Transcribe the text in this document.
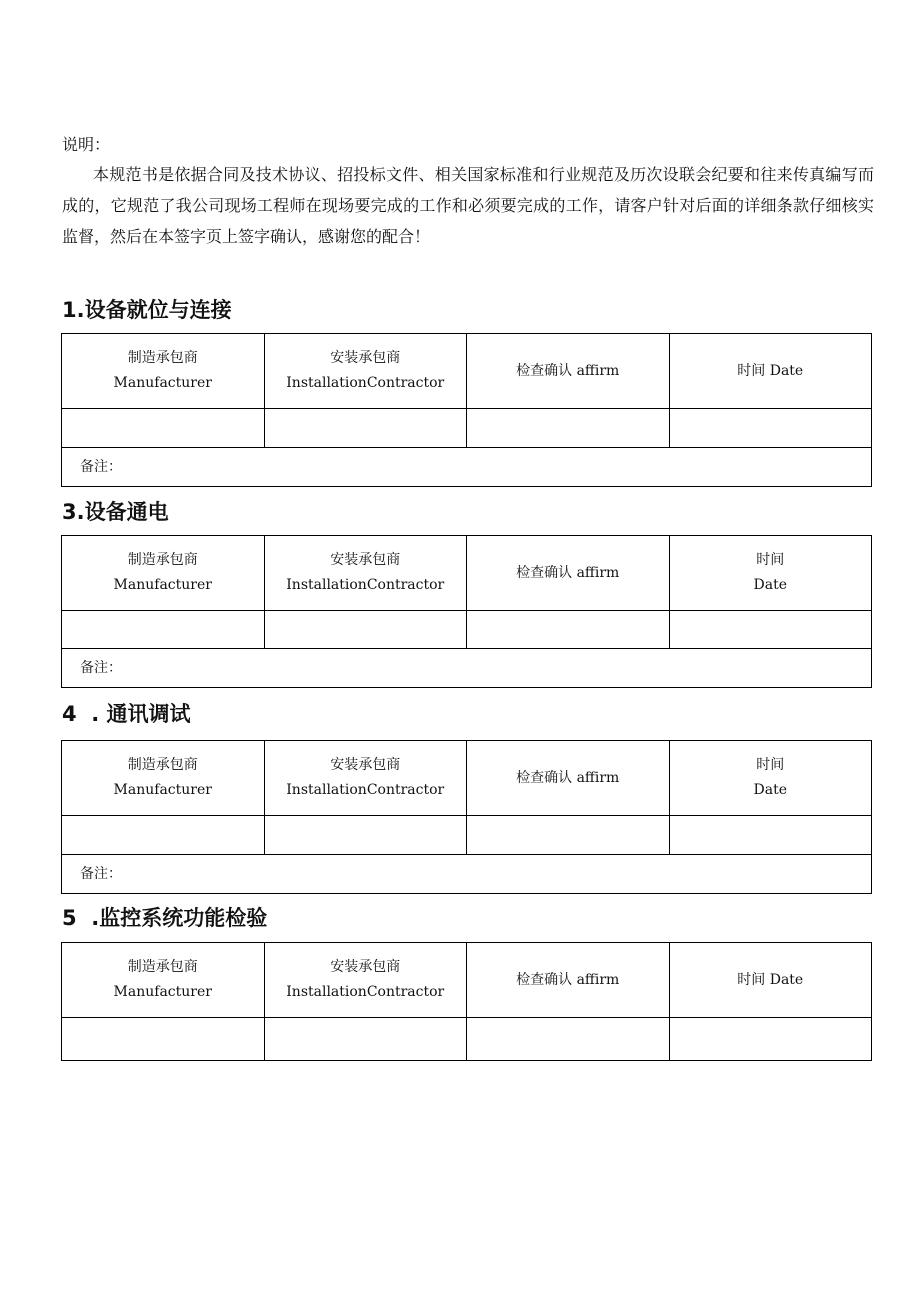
说明：
本规范书是依据合同及技术协议、招投标文件、相关国家标准和行业规范及历次设联会纪要和往来传真编写而成的，它规范了我公司现场工程师在现场要完成的工作和必须要完成的工作，请客户针对后面的详细条款仔细核实监督，然后在本签字页上签字确认，感谢您的配合！
1.设备就位与连接
制造承包商
Manufacturer	安装承包商
InstallationContractor	检查确认 affirm	时间 Date

备注：			
3.设备通电
制造承包商
Manufacturer	安装承包商
InstallationContractor	检查确认 affirm	时间
Date

备注：			
4  . 通讯调试
制造承包商
Manufacturer	安装承包商
InstallationContractor	检查确认 affirm	时间
Date

备注：			
5  .监控系统功能检验
制造承包商
Manufacturer	安装承包商
InstallationContractor	检查确认 affirm	时间 Date
